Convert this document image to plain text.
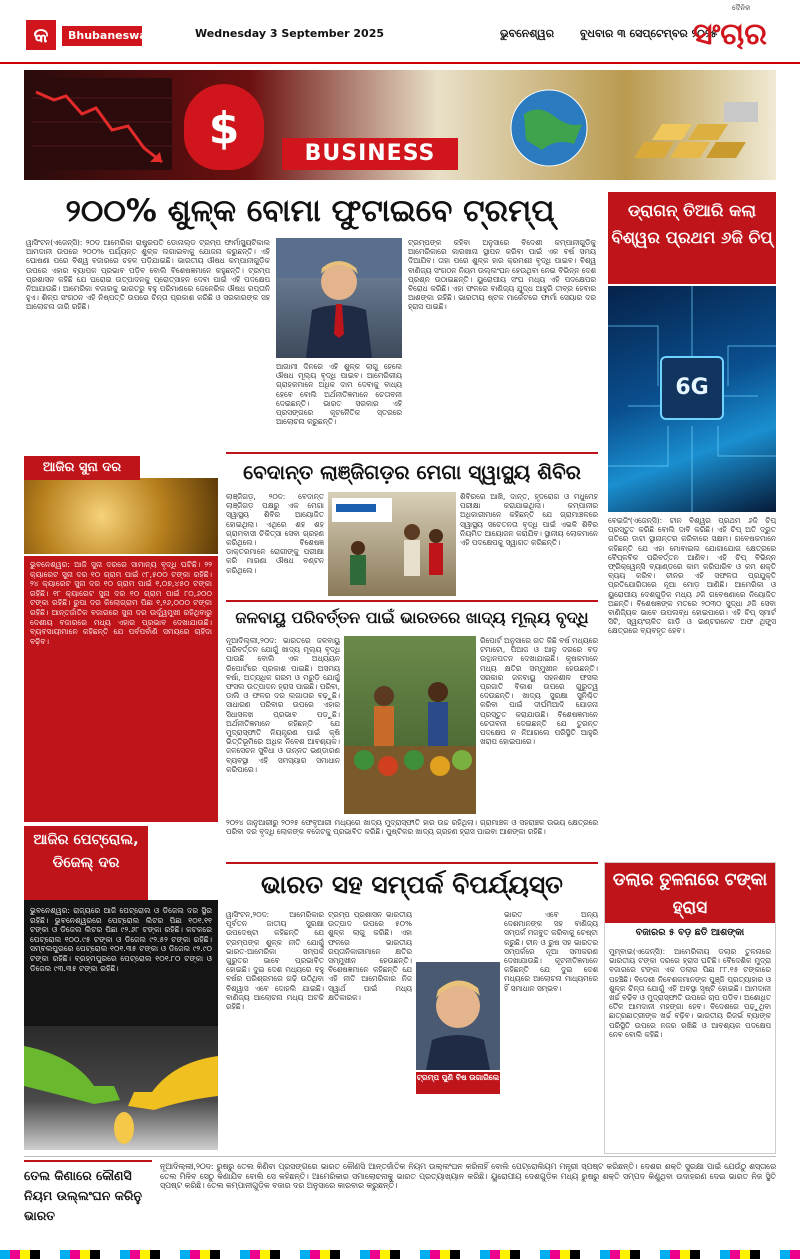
କ	Bhubaneswar	Wednesday 3 September 2025	ଭୁବନେଶ୍ୱର ବୁଧବାର ୩ ସେପ୍ଟେମ୍ବର ୨୦୨୫
ସଂଚାର
ଦୈନିକ
$	BUSINESS
୨୦୦% ଶୁଳ୍କ ବୋମା ଫୁଟାଇବେ ଟ୍ରମ୍ପ୍
ୱାସିଂଟନ(ଏଜେନ୍ସି): ୨୦ଦ ଆମେରିକା ରାଷ୍ଟ୍ରପତି ଡୋନାଲ୍ଡ ଟ୍ରମ୍ପ ଫାର୍ମାସ୍ୟୁଟିକାଲ ଆମଦାନୀ ଉପରେ ୨୦୦% ପର୍ଯ୍ୟନ୍ତ ଶୁଳ୍କ ଲଗାଇବାକୁ ଯୋଜନା କରୁଛନ୍ତି। ଏହି ଘୋଷଣା ପରେ ବିଶ୍ୱ ବଜାରରେ ଚହଳ ପଡ଼ିଯାଇଛି। ଭାରତୀୟ ଔଷଧ କମ୍ପାନୀଗୁଡ଼ିକ ଉପରେ ଏହାର ବ୍ୟାପକ ପ୍ରଭାବ ପଡ଼ିବ ବୋଲି ବିଶେଷଜ୍ଞମାନେ କହୁଛନ୍ତି। ଟ୍ରମ୍ପ ପ୍ରଶାସନ କହିଛି ଯେ ଘରୋଇ ଉତ୍ପାଦନକୁ ପ୍ରୋତ୍ସାହନ ଦେବା ପାଇଁ ଏହି ପଦକ୍ଷେପ ନିଆଯାଉଛି। ଆମେରିକା ବଜାରକୁ ଭାରତରୁ ବହୁ ପରିମାଣରେ ଜେନେରିକ ଔଷଧ ରପ୍ତାନି ହୁଏ। ଶିଳ୍ପ ସଂଗଠନ ଏହି ନିଷ୍ପତ୍ତି ଉପରେ ଚିନ୍ତା ପ୍ରକାଶ କରିଛି ଓ ସରକାରଙ୍କ ସହ ଆଲୋଚନା ଜାରି ରହିଛି।
ଆଗାମୀ ଦିନରେ ଏହି ଶୁଳ୍କ ଲାଗୁ ହେଲେ ଔଷଧ ମୂଲ୍ୟ ବୃଦ୍ଧି ପାଇବ। ଆମେରିକୀୟ ଗ୍ରାହକମାନେ ଅଧିକ ଦାମ ଦେବାକୁ ବାଧ୍ୟ ହେବେ ବୋଲି ଅର୍ଥନୀତିଜ୍ଞମାନେ ଚେତାବନୀ ଦେଇଛନ୍ତି। ଭାରତ ସରକାର ଏହି ପ୍ରସଙ୍ଗରେ କୂଟନୈତିକ ସ୍ତରରେ ଆଲୋଚନା କରୁଛନ୍ତି।
ଟ୍ରମ୍ପଙ୍କ କହିବା ଅନୁସାରେ ବିଦେଶୀ କମ୍ପାନୀଗୁଡ଼ିକୁ ଆମେରିକାରେ କାରଖାନା ସ୍ଥାପନ କରିବା ପାଇଁ ଏକ ବର୍ଷ ସମୟ ଦିଆଯିବ। ତାହା ପରେ ଶୁଳ୍କ ହାର କ୍ରମଶଃ ବୃଦ୍ଧି ପାଇବ। ବିଶ୍ୱ ବାଣିଜ୍ୟ ସଂଗଠନ ନିୟମ ଉଲ୍ଲଂଘନ ହେଉଥିବା ନେଇ ବିଭିନ୍ନ ଦେଶ ପ୍ରଶ୍ନ ଉଠାଇଛନ୍ତି। ୟୁରୋପୀୟ ସଂଘ ମଧ୍ୟ ଏହି ପଦକ୍ଷେପର ବିରୋଧ କରିଛି। ଏହା ଫଳରେ ବାଣିଜ୍ୟ ଯୁଦ୍ଧ ଆହୁରି ତୀବ୍ର ହେବାର ଆଶଙ୍କା ରହିଛି। ଭାରତୀୟ ଷ୍ଟକ ମାର୍କେଟରେ ଫାର୍ମା ସେୟାର ଦର ହ୍ରାସ ପାଇଛି।
ଡ୍ରାଗନ୍ ତିଆରି କଲା ବିଶ୍ୱର ପ୍ରଥମ ୬ଜି ଚିପ୍
6G
ବେଇଜିଂ(ଏଜେନ୍ସି): ଚୀନ ବିଶ୍ୱର ପ୍ରଥମ ୬ଜି ଚିପ୍ ପ୍ରସ୍ତୁତ କରିଛି ବୋଲି ଦାବି କରିଛି। ଏହି ଚିପ୍ ଅତି ଦ୍ରୁତ ଗତିରେ ଡାଟା ସ୍ଥାନାନ୍ତର କରିବାରେ ସକ୍ଷମ। ଗବେଷକମାନେ କହିଛନ୍ତି ଯେ ଏହା ମୋବାଇଲ ଯୋଗାଯୋଗ କ୍ଷେତ୍ରରେ ବୈପ୍ଳବିକ ପରିବର୍ତ୍ତନ ଆଣିବ। ଏହି ଚିପ୍ ବିଭିନ୍ନ ଫ୍ରିକ୍ୱେନ୍ସି ବ୍ୟାଣ୍ଡରେ କାମ କରିପାରିବ ଓ କମ ଶକ୍ତି ବ୍ୟୟ କରିବ। ଚୀନର ଏହି ସଫଳତା ପ୍ରଯୁକ୍ତି ପ୍ରତିଯୋଗିତାରେ ନୂଆ ମୋଡ଼ ଆଣିଛି। ଆମେରିକା ଓ ୟୁରୋପୀୟ ଦେଶଗୁଡ଼ିକ ମଧ୍ୟ ୬ଜି ଗବେଷଣାରେ ନିୟୋଜିତ ଅଛନ୍ତି। ବିଶେଷଜ୍ଞଙ୍କ ମତରେ ୨୦୩୦ ସୁଦ୍ଧା ୬ଜି ସେବା ବାଣିଜ୍ୟିକ ଭାବେ ଉପଲବ୍ଧ ହୋଇପାରେ। ଏହି ଚିପ୍ ସ୍ମାର୍ଟ ସିଟି, ସ୍ୱୟଂଚାଳିତ ଗାଡ଼ି ଓ ଇଣ୍ଟରନେଟ ଅଫ ଥିଙ୍ଗ୍ସ କ୍ଷେତ୍ରରେ ବ୍ୟବହୃତ ହେବ।
ବେଦାନ୍ତ ଲାଞ୍ଜିଗଡ଼ର ମେଗା ସ୍ୱାସ୍ଥ୍ୟ ଶିବିର
ଲାଞ୍ଜିଗଡ଼, ୨୦ଦ: ବେଦାନ୍ତ ଲାଞ୍ଜିଗଡ଼ ପକ୍ଷରୁ ଏକ ମେଗା ସ୍ୱାସ୍ଥ୍ୟ ଶିବିର ଆୟୋଜିତ ହୋଇଥିଲା। ଏଥିରେ ଶହ ଶହ ଗ୍ରାମବାସୀ ଚିକିତ୍ସା ସେବା ଗ୍ରହଣ କରିଥିଲେ। ବିଶେଷଜ୍ଞ ଡାକ୍ତରମାନେ ରୋଗୀଙ୍କୁ ପରୀକ୍ଷା କରି ମାଗଣା ଔଷଧ ବଣ୍ଟନ କରିଥିଲେ।
ଶିବିରରେ ଆଖି, ଦାନ୍ତ, ହୃଦରୋଗ ଓ ମଧୁମେହ ପରୀକ୍ଷା କରାଯାଇଥିଲା। କମ୍ପାନୀର ଅଧିକାରୀମାନେ କହିଛନ୍ତି ଯେ ଗ୍ରାମାଞ୍ଚଳରେ ସ୍ୱାସ୍ଥ୍ୟ ସଚେତନତା ବୃଦ୍ଧି ପାଇଁ ଏଭଳି ଶିବିର ନିୟମିତ ଆୟୋଜନ କରାଯିବ। ସ୍ଥାନୀୟ ଲୋକମାନେ ଏହି ପଦକ୍ଷେପକୁ ସ୍ୱାଗତ କରିଛନ୍ତି।
ଆଜିର ସୁନା ଦର
ଭୁବନେଶ୍ୱର: ଆଜି ସୁନା ଦରରେ ସାମାନ୍ୟ ବୃଦ୍ଧି ଘଟିଛି। ୨୨ କ୍ୟାରେଟ ସୁନା ଦର ୧୦ ଗ୍ରାମ ପାଇଁ ୯୮,୫୦୦ ଟଙ୍କା ରହିଛି। ୨୪ କ୍ୟାରେଟ ସୁନା ଦର ୧୦ ଗ୍ରାମ ପାଇଁ ୧,୦୭,୪୫୦ ଟଙ୍କା ରହିଛି। ୧୮ କ୍ୟାରେଟ ସୁନା ଦର ୧୦ ଗ୍ରାମ ପାଇଁ ୮୦,୬୦୦ ଟଙ୍କା ରହିଛି। ରୁପା ଦର କିଲୋଗ୍ରାମ ପିଛା ୧,୨୬,୦୦୦ ଟଙ୍କା ରହିଛି। ଆନ୍ତର୍ଜାତିକ ବଜାରରେ ସୁନା ଦର ଉର୍ଦ୍ଧ୍ୱମୁଖୀ ରହିଥିବାରୁ ଦେଶୀୟ ବଜାରରେ ମଧ୍ୟ ଏହାର ପ୍ରଭାବ ଦେଖାଯାଉଛି। ବ୍ୟବସାୟୀମାନେ କହିଛନ୍ତି ଯେ ପର୍ବପର୍ବାଣି ସମୟରେ ଚାହିଦା ବଢ଼ିବ।
ଜଳବାୟୁ ପରିବର୍ତ୍ତନ ପାଇଁ ଭାରତରେ ଖାଦ୍ୟ ମୂଲ୍ୟ ବୃଦ୍ଧି
ନୂଆଦିଲ୍ଲୀ,୨୦ଦ: ଭାରତରେ ଜଳବାୟୁ ପରିବର୍ତ୍ତନ ଯୋଗୁଁ ଖାଦ୍ୟ ମୂଲ୍ୟ ବୃଦ୍ଧି ପାଉଛି ବୋଲି ଏକ ଅଧ୍ୟୟନ ରିପୋର୍ଟରେ ପ୍ରକାଶ ପାଇଛି। ଅସମୟ ବର୍ଷା, ଅତ୍ୟଧିକ ଗରମ ଓ ମରୁଡ଼ି ଯୋଗୁଁ ଫସଲ ଉତ୍ପାଦନ ହ୍ରାସ ପାଇଛି। ପରିବା, ଡାଲି ଓ ଫଳର ଦର ଲଗାତାର ବଢ଼ୁଛି। ସାଧାରଣ ପରିବାର ଉପରେ ଏହାର ସିଧାସଳଖ ପ୍ରଭାବ ପଡ଼ୁଛି। ଅର୍ଥନୀତିଜ୍ଞମାନେ କହିଛନ୍ତି ଯେ ମୁଦ୍ରାସ୍ଫୀତି ନିୟନ୍ତ୍ରଣ ପାଇଁ କୃଷି ଭିତ୍ତିଭୂମିରେ ଅଧିକ ନିବେଶ ଆବଶ୍ୟକ। ଜଳସେଚନ ସୁବିଧା ଓ ଉନ୍ନତ ଭଣ୍ଡାରଣ ବ୍ୟବସ୍ଥା ଏହି ସମସ୍ୟାର ସମାଧାନ କରିପାରେ।
ରିପୋର୍ଟ ଅନୁସାରେ ଗତ କିଛି ବର୍ଷ ମଧ୍ୟରେ ଟମାଟୋ, ପିଆଜ ଓ ଆଳୁ ଦରରେ ବଡ଼ ଉତ୍ଥାନପତନ ଦେଖାଯାଇଛି। କୃଷକମାନେ ମଧ୍ୟ କ୍ଷତିର ସମ୍ମୁଖୀନ ହେଉଛନ୍ତି। ସରକାର ଜଳବାୟୁ ସହନଶୀଳ ଫସଲ ପ୍ରଜାତି ବିକାଶ ଉପରେ ଗୁରୁତ୍ୱ ଦେଉଛନ୍ତି। ଖାଦ୍ୟ ସୁରକ୍ଷା ସୁନିଶ୍ଚିତ କରିବା ପାଇଁ ଦୀର୍ଘମିଆଦି ଯୋଜନା ପ୍ରସ୍ତୁତ କରାଯାଉଛି। ବିଶେଷଜ୍ଞମାନେ ଚେତାବନୀ ଦେଇଛନ୍ତି ଯେ ତୁରନ୍ତ ପଦକ୍ଷେପ ନ ନିଆଗଲେ ପରିସ୍ଥିତି ଆହୁରି ଖରାପ ହୋଇପାରେ।
୨୦୨୪ ଜାନୁଆରୀରୁ ୨୦୨୫ ଫେବୃଆରୀ ମଧ୍ୟରେ ଖାଦ୍ୟ ମୁଦ୍ରାସ୍ଫୀତି ହାର ଉଚ୍ଚ ରହିଥିଲା। ଗ୍ରାମାଞ୍ଚଳ ଓ ସହରାଞ୍ଚଳ ଉଭୟ କ୍ଷେତ୍ରରେ ପରିବା ଦର ବୃଦ୍ଧି ଲୋକଙ୍କ ବଜେଟକୁ ପ୍ରଭାବିତ କରିଛି। ପୁଷ୍ଟିକର ଖାଦ୍ୟ ଗ୍ରହଣ ହ୍ରାସ ପାଇବା ଆଶଙ୍କା ରହିଛି।
ଆଜିର ପେଟ୍ରୋଲ, ଡିଜେଲ୍ ଦର
ଭୁବନେଶ୍ୱର: ରାଜ୍ୟରେ ଆଜି ପେଟ୍ରୋଲ ଓ ଡିଜେଲ ଦର ସ୍ଥିର ରହିଛି। ଭୁବନେଶ୍ୱରରେ ପେଟ୍ରୋଲ ଲିଟର ପିଛା ୧୦୧.୧୧ ଟଙ୍କା ଓ ଡିଜେଲ ଲିଟର ପିଛା ୯୨.୬୮ ଟଙ୍କା ରହିଛି। କଟକରେ ପେଟ୍ରୋଲ ୧୦୦.୯୫ ଟଙ୍କା ଓ ଡିଜେଲ ୯୨.୫୨ ଟଙ୍କା ରହିଛି। ସମ୍ବଲପୁରରେ ପେଟ୍ରୋଲ ୧୦୧.୩୫ ଟଙ୍କା ଓ ଡିଜେଲ ୯୨.୯୦ ଟଙ୍କା ରହିଛି। ବ୍ରହ୍ମପୁରରେ ପେଟ୍ରୋଲ ୧୦୧.୮୦ ଟଙ୍କା ଓ ଡିଜେଲ ୯୩.୩୫ ଟଙ୍କା ରହିଛି।
ଭାରତ ସହ ସମ୍ପର୍କ ବିପର୍ଯ୍ୟସ୍ତ
ୱାସିଂଟନ,୨୦ଦ: ଆମେରିକାର ପୂର୍ବତନ ଜାତୀୟ ସୁରକ୍ଷା ଉପଦେଷ୍ଟା କହିଛନ୍ତି ଯେ ଟ୍ରମ୍ପଙ୍କ ଶୁଳ୍କ ନୀତି ଯୋଗୁଁ ଭାରତ-ଆମେରିକା ସମ୍ପର୍କ ଗୁରୁତର ଭାବେ ପ୍ରଭାବିତ ହୋଇଛି। ଦୁଇ ଦେଶ ମଧ୍ୟରେ ବହୁ ବର୍ଷର ପରିଶ୍ରମରେ ଗଢ଼ି ଉଠିଥିବା ବିଶ୍ୱାସ ଏବେ ଦୋହଲି ଯାଇଛି। ବାଣିଜ୍ୟ ଆଲୋଚନା ମଧ୍ୟ ଅଟକି ରହିଛି।
ଟ୍ରମ୍ପ ପ୍ରଶାସନ ଭାରତୀୟ ଉତ୍ପାଦ ଉପରେ ୫୦% ଶୁଳ୍କ ଲାଗୁ କରିଛି। ଏହା ଫଳରେ ଭାରତୀୟ ରପ୍ତାନିକାରୀମାନେ କ୍ଷତିର ସମ୍ମୁଖୀନ ହେଉଛନ୍ତି। ବିଶେଷଜ୍ଞମାନେ କହିଛନ୍ତି ଯେ ଏହି ନୀତି ଆମେରିକାର ନିଜ ସ୍ୱାର୍ଥ ପାଇଁ ମଧ୍ୟ କ୍ଷତିକାରକ।
ଟ୍ରମ୍ପ ପୁଣି ବିଷ ଉଗାରିଲେ
ଭାରତ ଏବେ ଅନ୍ୟ ଦେଶମାନଙ୍କ ସହ ବାଣିଜ୍ୟ ସମ୍ପର୍କ ମଜବୁତ କରିବାକୁ ଚେଷ୍ଟା କରୁଛି। ଚୀନ ଓ ରୁଷ ସହ ଭାରତର ସମ୍ପର୍କରେ ନୂଆ ସମୀକରଣ ଦେଖାଯାଉଛି। କୂଟନୀତିଜ୍ଞମାନେ କହିଛନ୍ତି ଯେ ଦୁଇ ଦେଶ ମଧ୍ୟରେ ଆଲୋଚନା ମାଧ୍ୟମରେ ହିଁ ସମାଧାନ ସମ୍ଭବ।
ଡଲାର ତୁଳନାରେ ଟଙ୍କା ହ୍ରାସ
ବଜାରର ୫ ବଡ଼ ଛତି ଆଶଙ୍କା
ମୁମ୍ବାଇ(ଏଜେନ୍ସି): ଆମେରିକୀୟ ଡଲାର ତୁଳନାରେ ଭାରତୀୟ ଟଙ୍କା ଦରରେ ହ୍ରାସ ଘଟିଛି। ବୈଦେଶିକ ମୁଦ୍ରା ବଜାରରେ ଟଙ୍କା ଏକ ଡଲାର ପିଛା ୮୮.୧୫ ଟଙ୍କାରେ ପହଞ୍ଚିଛି। ବିଦେଶୀ ନିବେଶକମାନଙ୍କ ପୁଞ୍ଜି ପ୍ରତ୍ୟାହାର ଓ ଶୁଳ୍କ ଚିନ୍ତା ଯୋଗୁଁ ଏହି ଅବସ୍ଥା ସୃଷ୍ଟି ହୋଇଛି। ଆମଦାନୀ ଖର୍ଚ୍ଚ ବଢ଼ିବ ଓ ମୁଦ୍ରାସ୍ଫୀତି ଉପରେ ଚାପ ପଡ଼ିବ। ଅଶୋଧିତ ତୈଳ ଆମଦାନୀ ମହଙ୍ଗା ହେବ। ବିଦେଶରେ ପଢ଼ୁଥିବା ଛାତ୍ରଛାତ୍ରୀଙ୍କ ଖର୍ଚ୍ଚ ବଢ଼ିବ। ଭାରତୀୟ ରିଜର୍ଭ ବ୍ୟାଙ୍କ ପରିସ୍ଥିତି ଉପରେ ନଜର ରଖିଛି ଓ ଆବଶ୍ୟକ ପଦକ୍ଷେପ ନେବ ବୋଲି କହିଛି।
ତେଲ କିଣାରେ କୌଣସି ନିୟମ ଉଲ୍ଲଂଘନ କରିନୁ ଭାରତ
ନୂଆଦିଲ୍ଲୀ,୨୦ଦ: ରୁଷରୁ ତେଲ କିଣିବା ପ୍ରସଙ୍ଗରେ ଭାରତ କୌଣସି ଆନ୍ତର୍ଜାତିକ ନିୟମ ଉଲ୍ଲଂଘନ କରିନାହିଁ ବୋଲି ପେଟ୍ରୋଲିୟମ ମନ୍ତ୍ରୀ ସ୍ପଷ୍ଟ କରିଛନ୍ତି। ଦେଶର ଶକ୍ତି ସୁରକ୍ଷା ପାଇଁ ଯେଉଁଠୁ ଶସ୍ତାରେ ତେଲ ମିଳିବ ସେଠୁ କିଣାଯିବ ବୋଲି ସେ କହିଛନ୍ତି। ଆମେରିକାର ସମାଲୋଚନାକୁ ଭାରତ ପ୍ରତ୍ୟାଖ୍ୟାନ କରିଛି। ୟୁରୋପୀୟ ଦେଶଗୁଡ଼ିକ ମଧ୍ୟ ରୁଷରୁ ଶକ୍ତି ସମ୍ପଦ କିଣୁଥିବା ଉଦାହରଣ ଦେଇ ଭାରତ ନିଜ ସ୍ଥିତି ସ୍ପଷ୍ଟ କରିଛି। ତେଲ କମ୍ପାନୀଗୁଡ଼ିକ ବଜାର ଦର ଅନୁସାରେ କାରବାର କରୁଛନ୍ତି।
